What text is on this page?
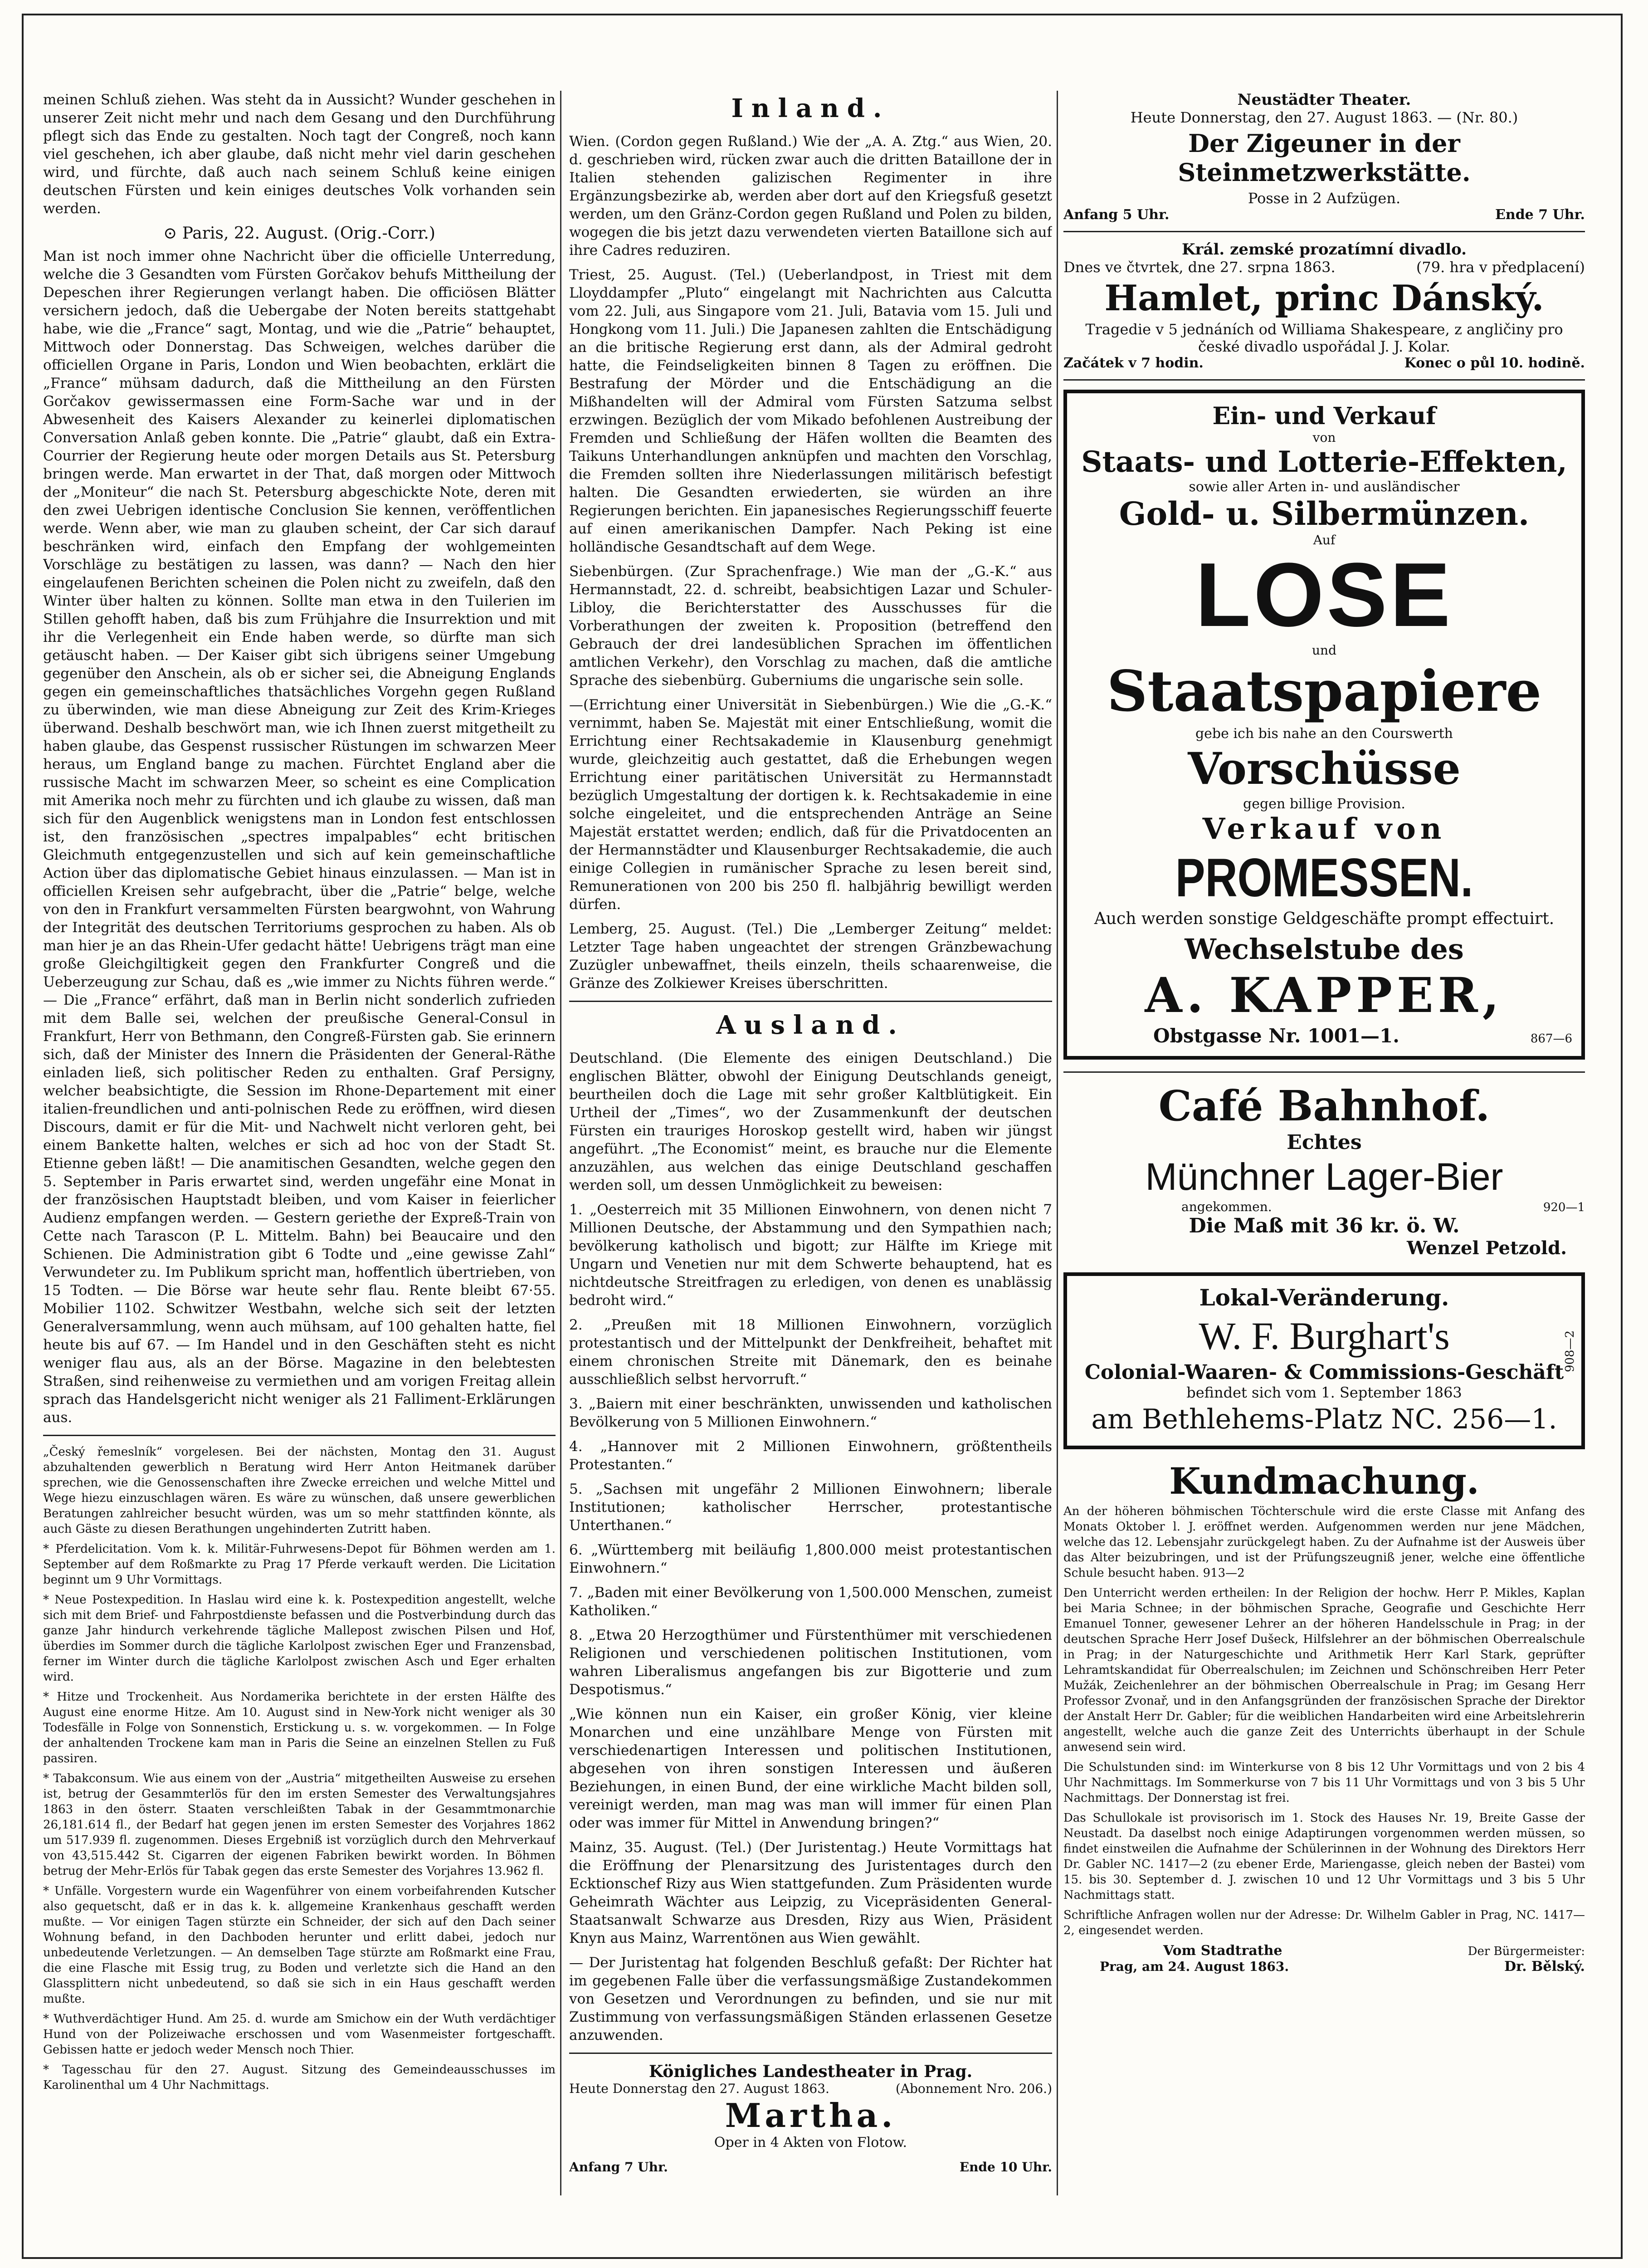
meinen Schluß ziehen. Was steht da in Aussicht? Wunder geschehen in unserer Zeit nicht mehr und nach dem Gesang und den Durchführung pflegt sich das Ende zu gestalten. Noch tagt der Congreß, noch kann viel geschehen, ich aber glaube, daß nicht mehr viel darin geschehen wird, und fürchte, daß auch nach seinem Schluß keine einigen deutschen Fürsten und kein einiges deutsches Volk vorhanden sein werden.

⊙ Paris, 22. August. (Orig.-Corr.)

Man ist noch immer ohne Nachricht über die officielle Unterredung, welche die 3 Gesandten vom Fürsten Gorčakov behufs Mittheilung der Depeschen ihrer Regierungen verlangt haben. Die officiösen Blätter versichern jedoch, daß die Uebergabe der Noten bereits stattgehabt habe, wie die „France“ sagt, Montag, und wie die „Patrie“ behauptet, Mittwoch oder Donnerstag. Das Schweigen, welches darüber die officiellen Organe in Paris, London und Wien beobachten, erklärt die „France“ mühsam dadurch, daß die Mittheilung an den Fürsten Gorčakov gewissermassen eine Form-Sache war und in der Abwesenheit des Kaisers Alexander zu keinerlei diplomatischen Conversation Anlaß geben konnte. Die „Patrie“ glaubt, daß ein Extra-Courrier der Regierung heute oder morgen Details aus St. Petersburg bringen werde. Man erwartet in der That, daß morgen oder Mittwoch der „Moniteur“ die nach St. Petersburg abgeschickte Note, deren mit den zwei Uebrigen identische Conclusion Sie kennen, veröffentlichen werde. Wenn aber, wie man zu glauben scheint, der Car sich darauf beschränken wird, einfach den Empfang der wohlgemeinten Vorschläge zu bestätigen zu lassen, was dann? — Nach den hier eingelaufenen Berichten scheinen die Polen nicht zu zweifeln, daß den Winter über halten zu können. Sollte man etwa in den Tuilerien im Stillen gehofft haben, daß bis zum Frühjahre die Insurrektion und mit ihr die Verlegenheit ein Ende haben werde, so dürfte man sich getäuscht haben. — Der Kaiser gibt sich übrigens seiner Umgebung gegenüber den Anschein, als ob er sicher sei, die Abneigung Englands gegen ein gemeinschaftliches thatsächliches Vorgehn gegen Rußland zu überwinden, wie man diese Abneigung zur Zeit des Krim-Krieges überwand. Deshalb beschwört man, wie ich Ihnen zuerst mitgetheilt zu haben glaube, das Gespenst russischer Rüstungen im schwarzen Meer heraus, um England bange zu machen. Fürchtet England aber die russische Macht im schwarzen Meer, so scheint es eine Complication mit Amerika noch mehr zu fürchten und ich glaube zu wissen, daß man sich für den Augenblick wenigstens man in London fest entschlossen ist, den französischen „spectres impalpables“ echt britischen Gleichmuth entgegenzustellen und sich auf kein gemeinschaftliche Action über das diplomatische Gebiet hinaus einzulassen. — Man ist in officiellen Kreisen sehr aufgebracht, über die „Patrie“ belge, welche von den in Frankfurt versammelten Fürsten beargwohnt, von Wahrung der Integrität des deutschen Territoriums gesprochen zu haben. Als ob man hier je an das Rhein-Ufer gedacht hätte! Uebrigens trägt man eine große Gleichgiltigkeit gegen den Frankfurter Congreß und die Ueberzeugung zur Schau, daß es „wie immer zu Nichts führen werde.“ — Die „France“ erfährt, daß man in Berlin nicht sonderlich zufrieden mit dem Balle sei, welchen der preußische General-Consul in Frankfurt, Herr von Bethmann, den Congreß-Fürsten gab. Sie erinnern sich, daß der Minister des Innern die Präsidenten der General-Räthe einladen ließ, sich politischer Reden zu enthalten. Graf Persigny, welcher beabsichtigte, die Session im Rhone-Departement mit einer italien-freundlichen und anti-polnischen Rede zu eröffnen, wird diesen Discours, damit er für die Mit- und Nachwelt nicht verloren geht, bei einem Bankette halten, welches er sich ad hoc von der Stadt St. Etienne geben läßt! — Die anamitischen Gesandten, welche gegen den 5. September in Paris erwartet sind, werden ungefähr eine Monat in der französischen Hauptstadt bleiben, und vom Kaiser in feierlicher Audienz empfangen werden. — Gestern geriethe der Expreß-Train von Cette nach Tarascon (P. L. Mittelm. Bahn) bei Beaucaire und den Schienen. Die Administration gibt 6 Todte und „eine gewisse Zahl“ Verwundeter zu. Im Publikum spricht man, hoffentlich übertrieben, von 15 Todten. — Die Börse war heute sehr flau. Rente bleibt 67·55. Mobilier 1102. Schwitzer Westbahn, welche sich seit der letzten Generalversammlung, wenn auch mühsam, auf 100 gehalten hatte, fiel heute bis auf 67. — Im Handel und in den Geschäften steht es nicht weniger flau aus, als an der Börse. Magazine in den belebtesten Straßen, sind reihenweise zu vermiethen und am vorigen Freitag allein sprach das Handelsgericht nicht weniger als 21 Falliment-Erklärungen aus.

„Český řemeslník“ vorgelesen. Bei der nächsten, Montag den 31. August abzuhaltenden gewerblich n Beratung wird Herr Anton Heitmanek darüber sprechen, wie die Genossenschaften ihre Zwecke erreichen und welche Mittel und Wege hiezu einzuschlagen wären. Es wäre zu wünschen, daß unsere gewerblichen Beratungen zahlreicher besucht würden, was um so mehr stattfinden könnte, als auch Gäste zu diesen Berathungen ungehinderten Zutritt haben.

* Pferdelicitation. Vom k. k. Militär-Fuhrwesens-Depot für Böhmen werden am 1. September auf dem Roßmarkte zu Prag 17 Pferde verkauft werden. Die Licitation beginnt um 9 Uhr Vormittags.

* Neue Postexpedition. In Haslau wird eine k. k. Postexpedition angestellt, welche sich mit dem Brief- und Fahrpostdienste befassen und die Postverbindung durch das ganze Jahr hindurch verkehrende tägliche Mallepost zwischen Pilsen und Hof, überdies im Sommer durch die tägliche Karlolpost zwischen Eger und Franzensbad, ferner im Winter durch die tägliche Karlolpost zwischen Asch und Eger erhalten wird.

* Hitze und Trockenheit. Aus Nordamerika berichtete in der ersten Hälfte des August eine enorme Hitze. Am 10. August sind in New-York nicht weniger als 30 Todesfälle in Folge von Sonnenstich, Erstickung u. s. w. vorgekommen. — In Folge der anhaltenden Trockene kam man in Paris die Seine an einzelnen Stellen zu Fuß passiren.

* Tabakconsum. Wie aus einem von der „Austria“ mitgetheilten Ausweise zu ersehen ist, betrug der Gesammterlös für den im ersten Semester des Verwaltungsjahres 1863 in den österr. Staaten verschleißten Tabak in der Gesammtmonarchie 26,181.614 fl., der Bedarf hat gegen jenen im ersten Semester des Vorjahres 1862 um 517.939 fl. zugenommen. Dieses Ergebniß ist vorzüglich durch den Mehrverkauf von 43,515.442 St. Cigarren der eigenen Fabriken bewirkt worden. In Böhmen betrug der Mehr-Erlös für Tabak gegen das erste Semester des Vorjahres 13.962 fl.

* Unfälle. Vorgestern wurde ein Wagenführer von einem vorbeifahrenden Kutscher also gequetscht, daß er in das k. k. allgemeine Krankenhaus geschafft werden mußte. — Vor einigen Tagen stürzte ein Schneider, der sich auf den Dach seiner Wohnung befand, in den Dachboden herunter und erlitt dabei, jedoch nur unbedeutende Verletzungen. — An demselben Tage stürzte am Roßmarkt eine Frau, die eine Flasche mit Essig trug, zu Boden und verletzte sich die Hand an den Glassplittern nicht unbedeutend, so daß sie sich in ein Haus geschafft werden mußte.

* Wuthverdächtiger Hund. Am 25. d. wurde am Smichow ein der Wuth verdächtiger Hund von der Polizeiwache erschossen und vom Wasenmeister fortgeschafft. Gebissen hatte er jedoch weder Mensch noch Thier.

* Tagesschau für den 27. August. Sitzung des Gemeindeausschusses im Karolinenthal um 4 Uhr Nachmittags.

Inland.

Wien. (Cordon gegen Rußland.) Wie der „A. A. Ztg.“ aus Wien, 20. d. geschrieben wird, rücken zwar auch die dritten Bataillone der in Italien stehenden galizischen Regimenter in ihre Ergänzungsbezirke ab, werden aber dort auf den Kriegsfuß gesetzt werden, um den Gränz-Cordon gegen Rußland und Polen zu bilden, wogegen die bis jetzt dazu verwendeten vierten Bataillone sich auf ihre Cadres reduziren.

Triest, 25. August. (Tel.) (Ueberlandpost, in Triest mit dem Lloyddampfer „Pluto“ eingelangt mit Nachrichten aus Calcutta vom 22. Juli, aus Singapore vom 21. Juli, Batavia vom 15. Juli und Hongkong vom 11. Juli.) Die Japanesen zahlten die Entschädigung an die britische Regierung erst dann, als der Admiral gedroht hatte, die Feindseligkeiten binnen 8 Tagen zu eröffnen. Die Bestrafung der Mörder und die Entschädigung an die Mißhandelten will der Admiral vom Fürsten Satzuma selbst erzwingen. Bezüglich der vom Mikado befohlenen Austreibung der Fremden und Schließung der Häfen wollten die Beamten des Taikuns Unterhandlungen anknüpfen und machten den Vorschlag, die Fremden sollten ihre Niederlassungen militärisch befestigt halten. Die Gesandten erwiederten, sie würden an ihre Regierungen berichten. Ein japanesisches Regierungsschiff feuerte auf einen amerikanischen Dampfer. Nach Peking ist eine holländische Gesandtschaft auf dem Wege.

Siebenbürgen. (Zur Sprachenfrage.) Wie man der „G.-K.“ aus Hermannstadt, 22. d. schreibt, beabsichtigen Lazar und Schuler-Libloy, die Berichterstatter des Ausschusses für die Vorberathungen der zweiten k. Proposition (betreffend den Gebrauch der drei landesüblichen Sprachen im öffentlichen amtlichen Verkehr), den Vorschlag zu machen, daß die amtliche Sprache des siebenbürg. Guberniums die ungarische sein solle.

—(Errichtung einer Universität in Siebenbürgen.) Wie die „G.-K.“ vernimmt, haben Se. Majestät mit einer Entschließung, womit die Errichtung einer Rechtsakademie in Klausenburg genehmigt wurde, gleichzeitig auch gestattet, daß die Erhebungen wegen Errichtung einer paritätischen Universität zu Hermannstadt bezüglich Umgestaltung der dortigen k. k. Rechtsakademie in eine solche eingeleitet, und die entsprechenden Anträge an Seine Majestät erstattet werden; endlich, daß für die Privatdocenten an der Hermannstädter und Klausenburger Rechtsakademie, die auch einige Collegien in rumänischer Sprache zu lesen bereit sind, Remunerationen von 200 bis 250 fl. halbjährig bewilligt werden dürfen.

Lemberg, 25. August. (Tel.) Die „Lemberger Zeitung“ meldet: Letzter Tage haben ungeachtet der strengen Gränzbewachung Zuzügler unbewaffnet, theils einzeln, theils schaarenweise, die Gränze des Zolkiewer Kreises überschritten.

Ausland.

Deutschland. (Die Elemente des einigen Deutschland.) Die englischen Blätter, obwohl der Einigung Deutschlands geneigt, beurtheilen doch die Lage mit sehr großer Kaltblütigkeit. Ein Urtheil der „Times“, wo der Zusammenkunft der deutschen Fürsten ein trauriges Horoskop gestellt wird, haben wir jüngst angeführt. „The Economist“ meint, es brauche nur die Elemente anzuzählen, aus welchen das einige Deutschland geschaffen werden soll, um dessen Unmöglichkeit zu beweisen:

1. „Oesterreich mit 35 Millionen Einwohnern, von denen nicht 7 Millionen Deutsche, der Abstammung und den Sympathien nach; bevölkerung katholisch und bigott; zur Hälfte im Kriege mit Ungarn und Venetien nur mit dem Schwerte behauptend, hat es nichtdeutsche Streitfragen zu erledigen, von denen es unablässig bedroht wird.“

2. „Preußen mit 18 Millionen Einwohnern, vorzüglich protestantisch und der Mittelpunkt der Denkfreiheit, behaftet mit einem chronischen Streite mit Dänemark, den es beinahe ausschließlich selbst hervorruft.“

3. „Baiern mit einer beschränkten, unwissenden und katholischen Bevölkerung von 5 Millionen Einwohnern.“

4. „Hannover mit 2 Millionen Einwohnern, größtentheils Protestanten.“

5. „Sachsen mit ungefähr 2 Millionen Einwohnern; liberale Institutionen; katholischer Herrscher, protestantische Unterthanen.“

6. „Württemberg mit beiläufig 1,800.000 meist protestantischen Einwohnern.“

7. „Baden mit einer Bevölkerung von 1,500.000 Menschen, zumeist Katholiken.“

8. „Etwa 20 Herzogthümer und Fürstenthümer mit verschiedenen Religionen und verschiedenen politischen Institutionen, vom wahren Liberalismus angefangen bis zur Bigotterie und zum Despotismus.“

„Wie können nun ein Kaiser, ein großer König, vier kleine Monarchen und eine unzählbare Menge von Fürsten mit verschiedenartigen Interessen und politischen Institutionen, abgesehen von ihren sonstigen Interessen und äußeren Beziehungen, in einen Bund, der eine wirkliche Macht bilden soll, vereinigt werden, man mag was man will immer für einen Plan oder was immer für Mittel in Anwendung bringen?“

Mainz, 35. August. (Tel.) (Der Juristentag.) Heute Vormittags hat die Eröffnung der Plenarsitzung des Juristentages durch den Ecktionschef Rizy aus Wien stattgefunden. Zum Präsidenten wurde Geheimrath Wächter aus Leipzig, zu Vicepräsidenten General-Staatsanwalt Schwarze aus Dresden, Rizy aus Wien, Präsident Knyn aus Mainz, Warrentönen aus Wien gewählt.

— Der Juristentag hat folgenden Beschluß gefaßt: Der Richter hat im gegebenen Falle über die verfassungsmäßige Zustandekommen von Gesetzen und Verordnungen zu befinden, und sie nur mit Zustimmung von verfassungsmäßigen Ständen erlassenen Gesetze anzuwenden.

Königliches Landestheater in Prag.
Heute Donnerstag den 27. August 1863.	(Abonnement Nro. 206.)
Martha.
Oper in 4 Akten von Flotow.
Anfang 7 Uhr.	Ende 10 Uhr.
Neustädter Theater.
Heute Donnerstag, den 27. August 1863. — (Nr. 80.)
Der Zigeuner in der Steinmetzwerkstätte.
Posse in 2 Aufzügen.
Anfang 5 Uhr.	Ende 7 Uhr.
Král. zemské prozatímní divadlo.
Dnes ve čtvrtek, dne 27. srpna 1863.	(79. hra v předplacení)
Hamlet, princ Dánský.
Tragedie v 5 jednáních od Williama Shakespeare, z angličiny pro české divadlo uspořádal J. J. Kolar.
Začátek v 7 hodin.	Konec o půl 10. hodině.
Ein- und Verkauf
von
Staats- und Lotterie-Effekten,
sowie aller Arten in- und ausländischer
Gold- u. Silbermünzen.
Auf
LOSE
und
Staatspapiere
gebe ich bis nahe an den Courswerth
Vorschüsse
gegen billige Provision.
Verkauf von
PROMESSEN.
Auch werden sonstige Geldgeschäfte prompt effectuirt.
Wechselstube des
A. KAPPER,
Obstgasse Nr. 1001—1.	867—6
Café Bahnhof.
Echtes
Münchner Lager-Bier
angekommen.	920—1
Die Maß mit 36 kr. ö. W.
Wenzel Petzold.
Lokal-Veränderung.
W. F. Burghart's
Colonial-Waaren- & Commissions-Geschäft
befindet sich vom 1. September 1863
am Bethlehems-Platz NC. 256—1.
908—2
Kundmachung.

An der höheren böhmischen Töchterschule wird die erste Classe mit Anfang des Monats Oktober l. J. eröffnet werden. Aufgenommen werden nur jene Mädchen, welche das 12. Lebensjahr zurückgelegt haben. Zu der Aufnahme ist der Ausweis über das Alter beizubringen, und ist der Prüfungszeugniß jener, welche eine öffentliche Schule besucht haben. 913—2

Den Unterricht werden ertheilen: In der Religion der hochw. Herr P. Mikles, Kaplan bei Maria Schnee; in der böhmischen Sprache, Geografie und Geschichte Herr Emanuel Tonner, gewesener Lehrer an der höheren Handelsschule in Prag; in der deutschen Sprache Herr Josef Dušeck, Hilfslehrer an der böhmischen Oberrealschule in Prag; in der Naturgeschichte und Arithmetik Herr Karl Stark, geprüfter Lehramtskandidat für Oberrealschulen; im Zeichnen und Schönschreiben Herr Peter Mužák, Zeichenlehrer an der böhmischen Oberrealschule in Prag; im Gesang Herr Professor Zvonař, und in den Anfangsgründen der französischen Sprache der Direktor der Anstalt Herr Dr. Gabler; für die weiblichen Handarbeiten wird eine Arbeitslehrerin angestellt, welche auch die ganze Zeit des Unterrichts überhaupt in der Schule anwesend sein wird.

Die Schulstunden sind: im Winterkurse von 8 bis 12 Uhr Vormittags und von 2 bis 4 Uhr Nachmittags. Im Sommerkurse von 7 bis 11 Uhr Vormittags und von 3 bis 5 Uhr Nachmittags. Der Donnerstag ist frei.

Das Schullokale ist provisorisch im 1. Stock des Hauses Nr. 19, Breite Gasse der Neustadt. Da daselbst noch einige Adaptirungen vorgenommen werden müssen, so findet einstweilen die Aufnahme der Schülerinnen in der Wohnung des Direktors Herr Dr. Gabler NC. 1417—2 (zu ebener Erde, Mariengasse, gleich neben der Bastei) vom 15. bis 30. September d. J. zwischen 10 und 12 Uhr Vormittags und 3 bis 5 Uhr Nachmittags statt.

Schriftliche Anfragen wollen nur der Adresse: Dr. Wilhelm Gabler in Prag, NC. 1417—2, eingesendet werden.

Vom Stadtrathe	Der Bürgermeister:
Prag, am 24. August 1863.	Dr. Bělský.
